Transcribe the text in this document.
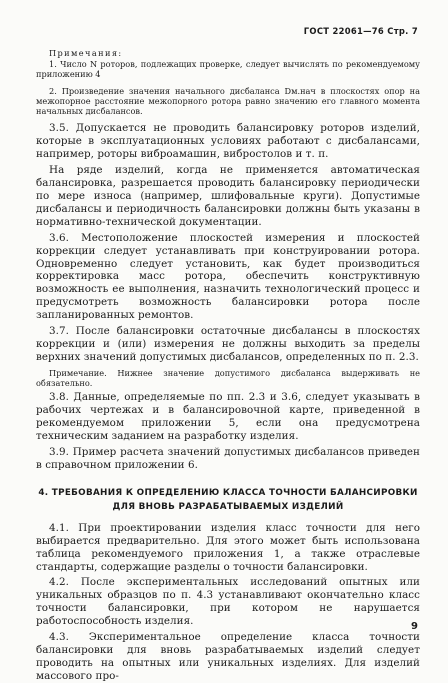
ГОСТ 22061—76 Стр. 7

Примечания:

1. Число N роторов, подлежащих проверке, следует вычислять по рекомендуемому приложению 4

2. Произведение значения начального дисбаланса Dм.нач в плоскостях опор на межопорное расстояние межопорного ротора равно значению его главного момента начальных дисбалансов.

3.5. Допускается не проводить балансировку роторов изделий, которые в эксплуатационных условиях работают с дисбалансами, например, роторы виброамашин, вибростолов и т. п.

На ряде изделий, когда не применяется автоматическая балансировка, разрешается проводить балансировку периодически по мере износа (например, шлифовальные круги). Допустимые дисбалансы и периодичность балансировки должны быть указаны в нормативно-технической документации.

3.6. Местоположение плоскостей измерения и плоскостей коррекции следует устанавливать при конструировании ротора. Одновременно следует установить, как будет производиться корректировка масс ротора, обеспечить конструктивную возможность ее выполнения, назначить технологический процесс и предусмотреть возможность балансировки ротора после запланированных ремонтов.

3.7. После балансировки остаточные дисбалансы в плоскостях коррекции и (или) измерения не должны выходить за пределы верхних значений допустимых дисбалансов, определенных по п. 2.3.

Примечание. Нижнее значение допустимого дисбаланса выдерживать не обязательно.

3.8. Данные, определяемые по пп. 2.3 и 3.6, следует указывать в рабочих чертежах и в балансировочной карте, приведенной в рекомендуемом приложении 5, если она предусмотрена техническим заданием на разработку изделия.

3.9. Пример расчета значений допустимых дисбалансов приведен в справочном приложении 6.

4. ТРЕБОВАНИЯ К ОПРЕДЕЛЕНИЮ КЛАССА ТОЧНОСТИ БАЛАНСИРОВКИ ДЛЯ ВНОВЬ РАЗРАБАТЫВАЕМЫХ ИЗДЕЛИЙ

4.1. При проектировании изделия класс точности для него выбирается предварительно. Для этого может быть использована таблица рекомендуемого приложения 1, а также отраслевые стандарты, содержащие разделы о точности балансировки.

4.2. После экспериментальных исследований опытных или уникальных образцов по п. 4.3 устанавливают окончательно класс точности балансировки, при котором не нарушается работоспособность изделия.

4.3. Экспериментальное определение класса точности балансировки для вновь разрабатываемых изделий следует проводить на опытных или уникальных изделиях. Для изделий массового про-

9
